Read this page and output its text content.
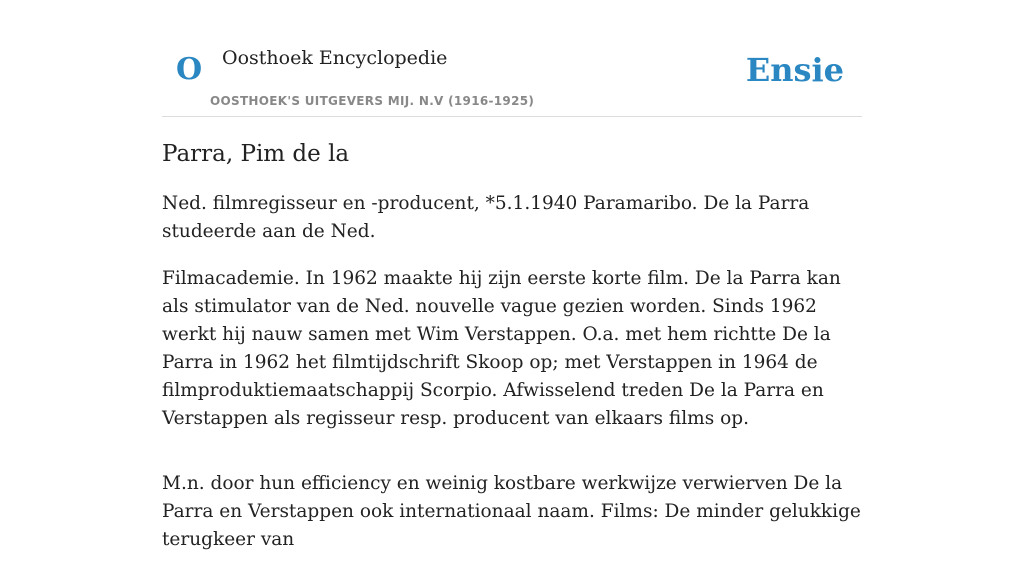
O Oosthoek Encyclopedie
OOSTHOEK'S UITGEVERS MIJ. N.V (1916-1925)
Ensie
Parra, Pim de la

Ned. filmregisseur en -producent, *5.1.1940 Paramaribo. De la Parra studeerde aan de Ned.

Filmacademie. In 1962 maakte hij zijn eerste korte film. De la Parra kan als stimulator van de Ned. nouvelle vague gezien worden. Sinds 1962 werkt hij nauw samen met Wim Verstappen. O.a. met hem richtte De la Parra in 1962 het filmtijdschrift Skoop op; met Verstappen in 1964 de filmproduktiemaatschappij Scorpio. Afwisselend treden De la Parra en Verstappen als regisseur resp. producent van elkaars films op.

M.n. door hun efficiency en weinig kostbare werkwijze verwierven De la Parra en Verstappen ook internationaal naam. Films: De minder gelukkige terugkeer van
